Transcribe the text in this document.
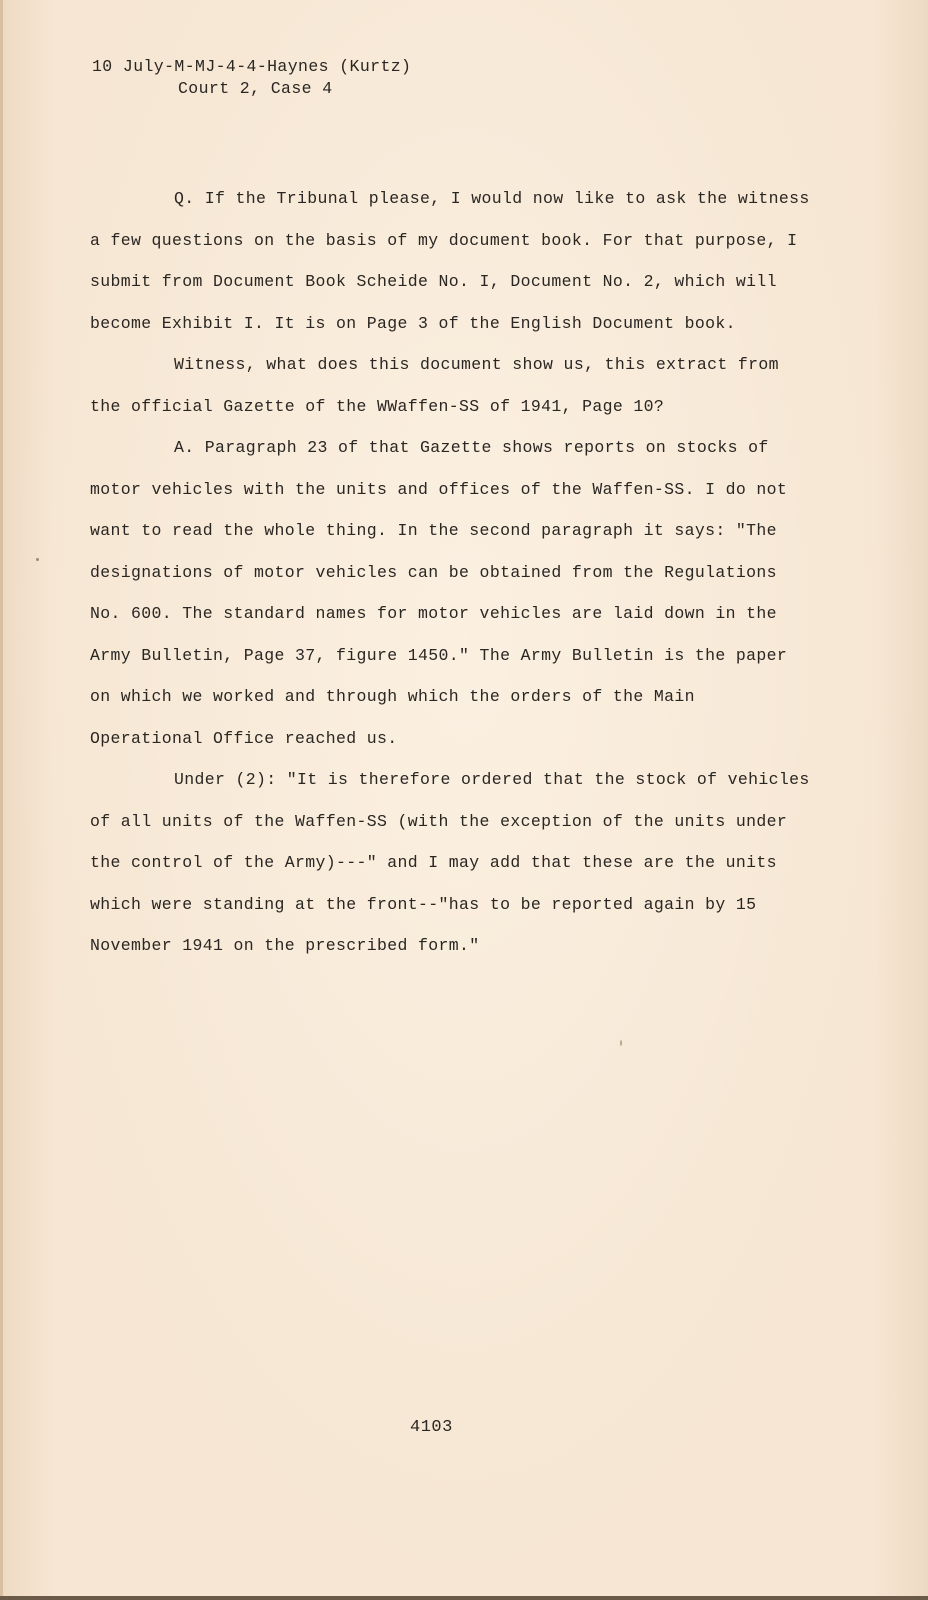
10 July-M-MJ-4-4-Haynes (Kurtz)
Court 2, Case 4

Q. If the Tribunal please, I would now like to ask the witness a few questions on the basis of my document book. For that purpose, I submit from Document Book Scheide No. I, Document No. 2, which will become Exhibit I. It is on Page 3 of the English Document book.

Witness, what does this document show us, this extract from the official Gazette of the WWaffen-SS of 1941, Page 10?

A. Paragraph 23 of that Gazette shows reports on stocks of motor vehicles with the units and offices of the Waffen-SS. I do not want to read the whole thing. In the second paragraph it says: "The designations of motor vehicles can be obtained from the Regulations No. 600. The standard names for motor vehicles are laid down in the Army Bulletin, Page 37, figure 1450." The Army Bulletin is the paper on which we worked and through which the orders of the Main Operational Office reached us.

Under (2): "It is therefore ordered that the stock of vehicles of all units of the Waffen-SS (with the exception of the units under the control of the Army)---" and I may add that these are the units which were standing at the front--"has to be reported again by 15 November 1941 on the prescribed form."

4103
